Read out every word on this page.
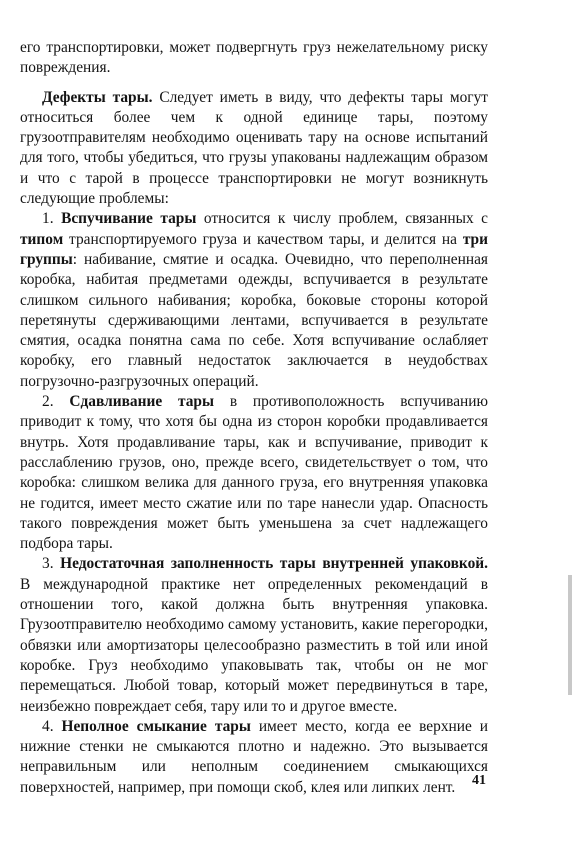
его транспортировки, может подвергнуть груз нежелательному риску повреждения.

Дефекты тары. Следует иметь в виду, что дефекты тары могут относиться более чем к одной единице тары, поэтому грузоотправителям необходимо оценивать тару на основе испытаний для того, чтобы убедиться, что грузы упакованы надлежащим образом и что с тарой в процессе транспортировки не могут возникнуть следующие проблемы:

1. Вспучивание тары относится к числу проблем, связанных с типом транспортируемого груза и качеством тары, и делится на три группы: набивание, смятие и осадка. Очевидно, что переполненная коробка, набитая предметами одежды, вспучивается в результате слишком сильного набивания; коробка, боковые стороны которой перетянуты сдерживающими лентами, вспучивается в результате смятия, осадка понятна сама по себе. Хотя вспучивание ослабляет коробку, его главный недостаток заключается в неудобствах погрузочно-разгрузочных операций.

2. Сдавливание тары в противоположность вспучиванию приводит к тому, что хотя бы одна из сторон коробки продавливается внутрь. Хотя продавливание тары, как и вспучивание, приводит к расслаблению грузов, оно, прежде всего, свидетельствует о том, что коробка: слишком велика для данного груза, его внутренняя упаковка не годится, имеет место сжатие или по таре нанесли удар. Опасность такого повреждения может быть уменьшена за счет надлежащего подбора тары.

3. Недостаточная заполненность тары внутренней упаковкой. В международной практике нет определенных рекомендаций в отношении того, какой должна быть внутренняя упаковка. Грузоотправителю необходимо самому установить, какие перегородки, обвязки или амортизаторы целесообразно разместить в той или иной коробке. Груз необходимо упаковывать так, чтобы он не мог перемещаться. Любой товар, который может передвинуться в таре, неизбежно повреждает себя, тару или то и другое вместе.

4. Неполное смыкание тары имеет место, когда ее верхние и нижние стенки не смыкаются плотно и надежно. Это вызывается неправильным или неполным соединением смыкающихся поверхностей, например, при помощи скоб, клея или липких лент.	41
